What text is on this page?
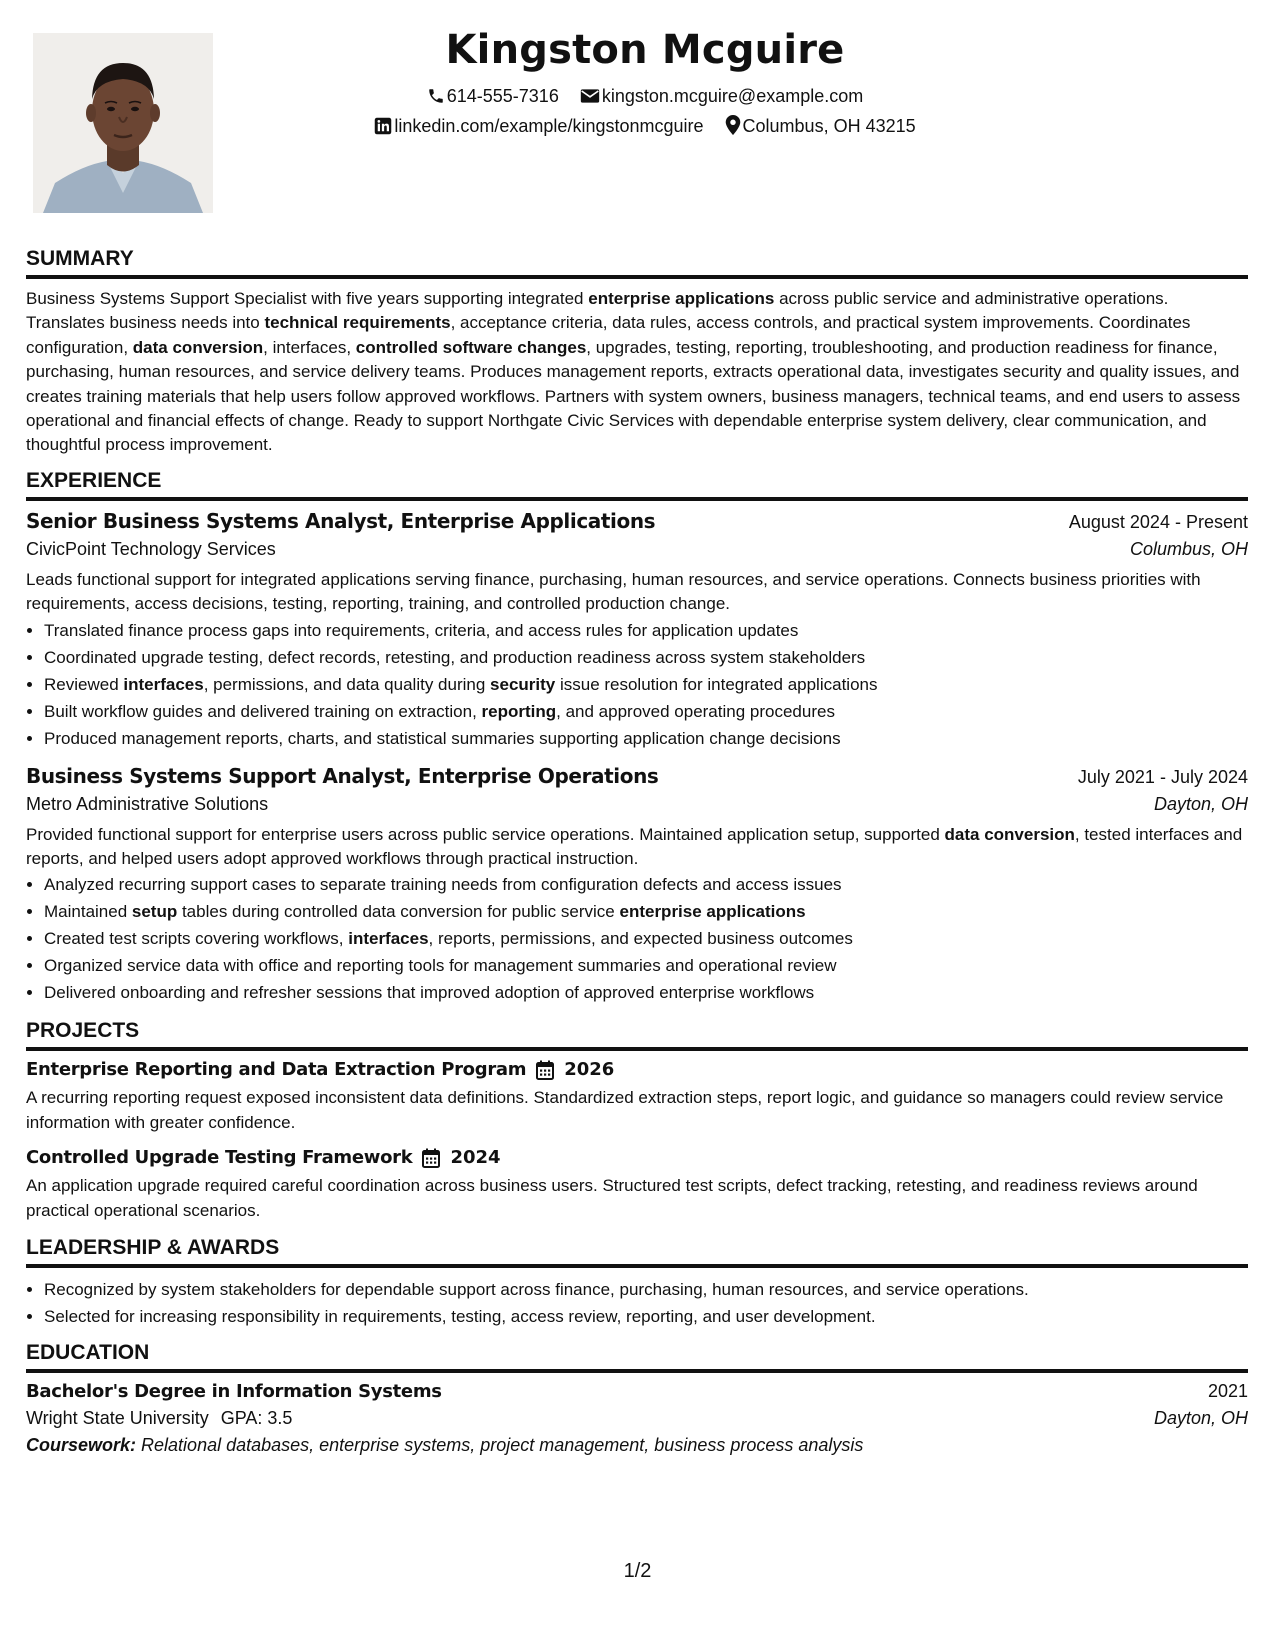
Kingston Mcguire
614-555-7316 kingston.mcguire@example.com
linkedin.com/example/kingstonmcguire Columbus, OH 43215
SUMMARY

Business Systems Support Specialist with five years supporting integrated enterprise applications across public service and administrative operations. Translates business needs into technical requirements, acceptance criteria, data rules, access controls, and practical system improvements. Coordinates configuration, data conversion, interfaces, controlled software changes, upgrades, testing, reporting, troubleshooting, and production readiness for finance, purchasing, human resources, and service delivery teams. Produces management reports, extracts operational data, investigates security and quality issues, and creates training materials that help users follow approved workflows. Partners with system owners, business managers, technical teams, and end users to assess operational and financial effects of change. Ready to support Northgate Civic Services with dependable enterprise system delivery, clear communication, and thoughtful process improvement.

EXPERIENCE
Senior Business Systems Analyst, Enterprise Applications	August 2024 - Present
CivicPoint Technology Services	Columbus, OH

Leads functional support for integrated applications serving finance, purchasing, human resources, and service operations. Connects business priorities with requirements, access decisions, testing, reporting, training, and controlled production change.

• Translated finance process gaps into requirements, criteria, and access rules for application updates
• Coordinated upgrade testing, defect records, retesting, and production readiness across system stakeholders
• Reviewed interfaces, permissions, and data quality during security issue resolution for integrated applications
• Built workflow guides and delivered training on extraction, reporting, and approved operating procedures
• Produced management reports, charts, and statistical summaries supporting application change decisions
Business Systems Support Analyst, Enterprise Operations	July 2021 - July 2024
Metro Administrative Solutions	Dayton, OH

Provided functional support for enterprise users across public service operations. Maintained application setup, supported data conversion, tested interfaces and reports, and helped users adopt approved workflows through practical instruction.

• Analyzed recurring support cases to separate training needs from configuration defects and access issues
• Maintained setup tables during controlled data conversion for public service enterprise applications
• Created test scripts covering workflows, interfaces, reports, permissions, and expected business outcomes
• Organized service data with office and reporting tools for management summaries and operational review
• Delivered onboarding and refresher sessions that improved adoption of approved enterprise workflows
PROJECTS
Enterprise Reporting and Data Extraction Program 2026

A recurring reporting request exposed inconsistent data definitions. Standardized extraction steps, report logic, and guidance so managers could review service information with greater confidence.

Controlled Upgrade Testing Framework 2024

An application upgrade required careful coordination across business users. Structured test scripts, defect tracking, retesting, and readiness reviews around practical operational scenarios.

LEADERSHIP & AWARDS
• Recognized by system stakeholders for dependable support across finance, purchasing, human resources, and service operations.
• Selected for increasing responsibility in requirements, testing, access review, reporting, and user development.
EDUCATION
Bachelor's Degree in Information Systems	2021
Wright State University GPA: 3.5	Dayton, OH
Coursework: Relational databases, enterprise systems, project management, business process analysis
1/2
